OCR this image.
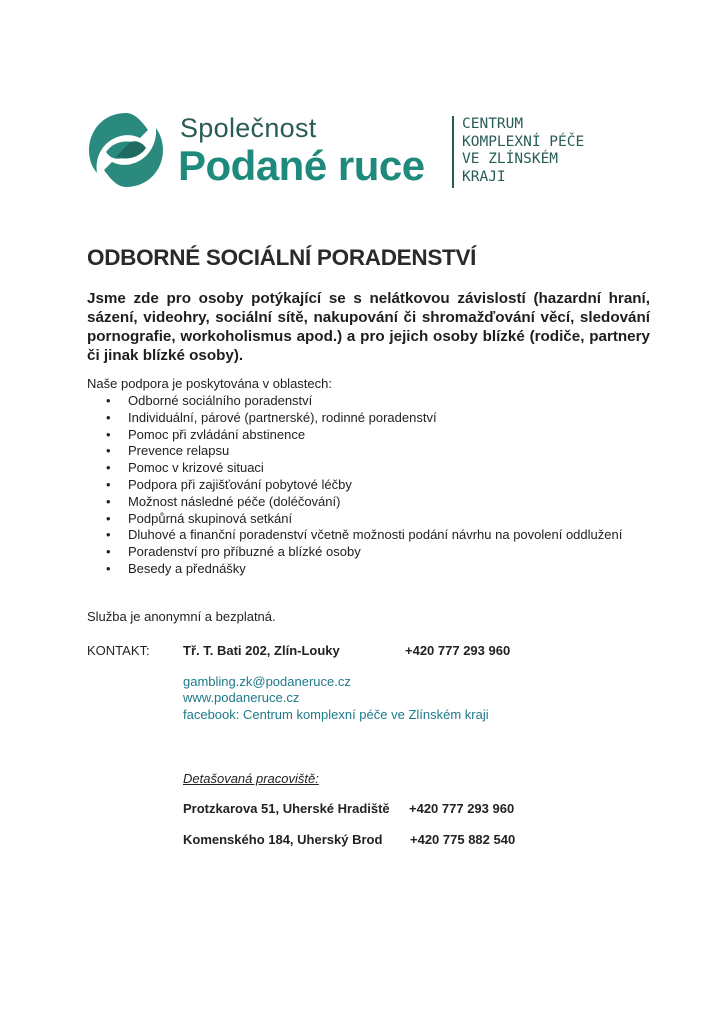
Společnost
Podané ruce
CENTRUM
KOMPLEXNÍ PÉČE
VE ZLÍNSKÉM
KRAJI
ODBORNÉ SOCIÁLNÍ PORADENSTVÍ
Jsme zde pro osoby potýkající se s nelátkovou závislostí (hazardní hraní, sázení, videohry, sociální sítě, nakupování či shromažďování věcí, sledování pornografie, workoholismus apod.) a pro jejich osoby blízké (rodiče, partnery či jinak blízké osoby).
Naše podpora je poskytována v oblastech:
• Odborné sociálního poradenství
• Individuální, párové (partnerské), rodinné poradenství
• Pomoc při zvládání abstinence
• Prevence relapsu
• Pomoc v krizové situaci
• Podpora při zajišťování pobytové léčby
• Možnost následné péče (doléčování)
• Podpůrná skupinová setkání
• Dluhové a finanční poradenství včetně možnosti podání návrhu na povolení oddlužení
• Poradenství pro příbuzné a blízké osoby
• Besedy a přednášky
Služba je anonymní a bezplatná.
KONTAKT:	Tř. T. Bati 202, Zlín-Louky	+420 777 293 960
gambling.zk@podaneruce.cz
www.podaneruce.cz
facebook: Centrum komplexní péče ve Zlínském kraji
Detašovaná pracoviště:
Protzkarova 51, Uherské Hradiště +420 777 293 960
Komenského 184, Uherský Brod +420 775 882 540
